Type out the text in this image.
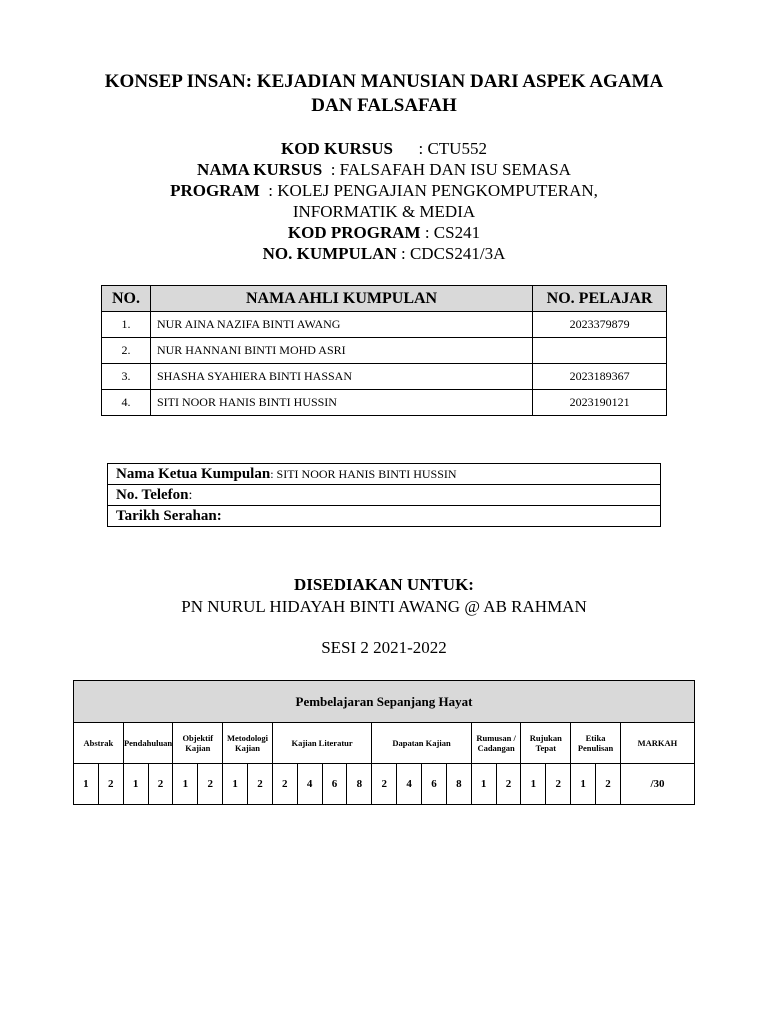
KONSEP INSAN: KEJADIAN MANUSIAN DARI ASPEK AGAMA
DAN FALSAFAH
KOD KURSUS : CTU552
NAMA KURSUS : FALSAFAH DAN ISU SEMASA
PROGRAM : KOLEJ PENGAJIAN PENGKOMPUTERAN,
INFORMATIK & MEDIA
KOD PROGRAM : CS241
NO. KUMPULAN : CDCS241/3A
NO.	NAMA AHLI KUMPULAN	NO. PELAJAR
1.	NUR AINA NAZIFA BINTI AWANG	2023379879
2.	NUR HANNANI BINTI MOHD ASRI	
3.	SHASHA SYAHIERA BINTI HASSAN	2023189367
4.	SITI NOOR HANIS BINTI HUSSIN	2023190121
Nama Ketua Kumpulan: SITI NOOR HANIS BINTI HUSSIN
No. Telefon:
Tarikh Serahan:
DISEDIAKAN UNTUK:
PN NURUL HIDAYAH BINTI AWANG @ AB RAHMAN
SESI 2 2021-2022
Pembelajaran Sepanjang Hayat																						
Abstrak		Pendahuluan		Objektif Kajian		Metodologi Kajian		Kajian Literatur				Dapatan Kajian				Rumusan / Cadangan		Rujukan Tepat		Etika Penulisan		MARKAH
1	2	1	2	1	2	1	2	2	4	6	8	2	4	6	8	1	2	1	2	1	2	/30
